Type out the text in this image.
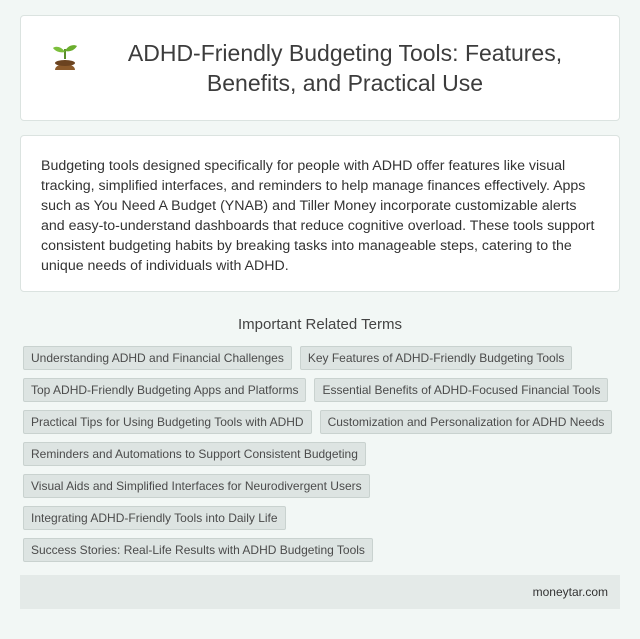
ADHD-Friendly Budgeting Tools: Features, Benefits, and Practical Use

Budgeting tools designed specifically for people with ADHD offer features like visual tracking, simplified interfaces, and reminders to help manage finances effectively. Apps such as You Need A Budget (YNAB) and Tiller Money incorporate customizable alerts and easy-to-understand dashboards that reduce cognitive overload. These tools support consistent budgeting habits by breaking tasks into manageable steps, catering to the unique needs of individuals with ADHD.

Important Related Terms
Understanding ADHD and Financial Challenges	Key Features of ADHD-Friendly Budgeting Tools
Top ADHD-Friendly Budgeting Apps and Platforms	Essential Benefits of ADHD-Focused Financial Tools
Practical Tips for Using Budgeting Tools with ADHD	Customization and Personalization for ADHD Needs
Reminders and Automations to Support Consistent Budgeting
Visual Aids and Simplified Interfaces for Neurodivergent Users
Integrating ADHD-Friendly Tools into Daily Life
Success Stories: Real-Life Results with ADHD Budgeting Tools
moneytar.com
